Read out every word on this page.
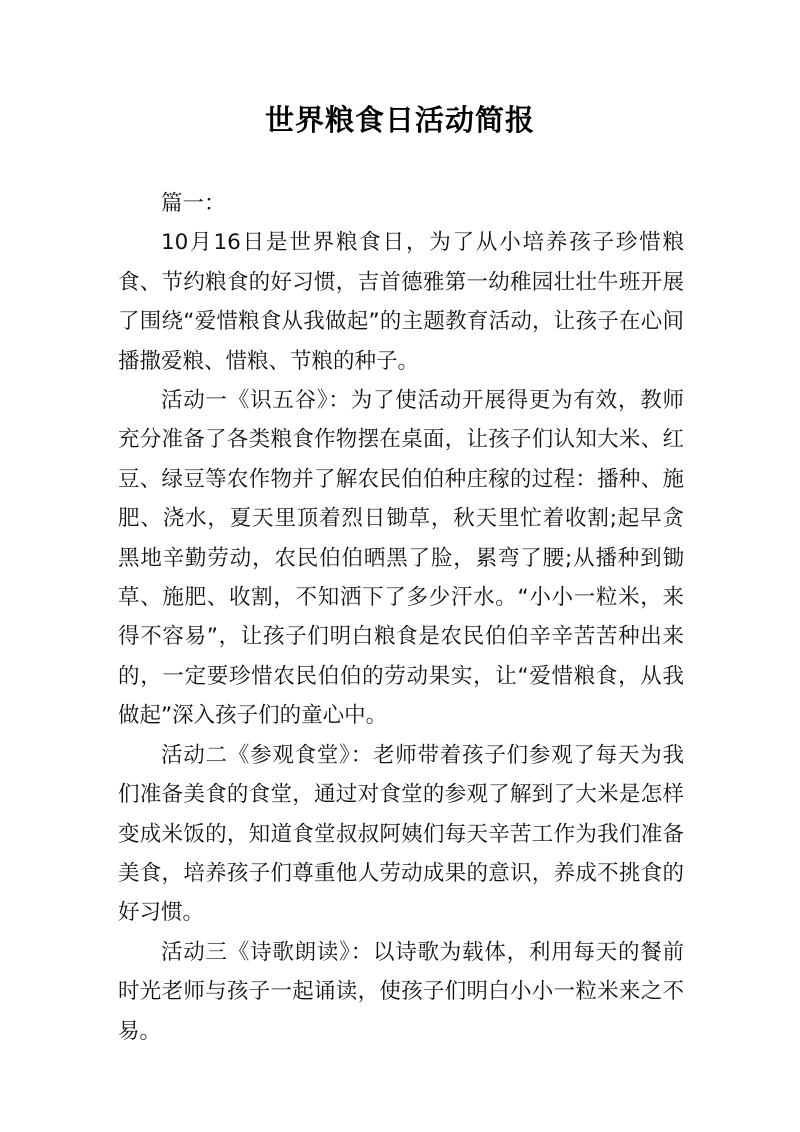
世界粮食日活动简报

篇一：

10月16日是世界粮食日，为了从小培养孩子珍惜粮食、节约粮食的好习惯，吉首德雅第一幼稚园壮壮牛班开展了围绕“爱惜粮食从我做起”的主题教育活动，让孩子在心间播撒爱粮、惜粮、节粮的种子。

活动一《识五谷》：为了使活动开展得更为有效，教师充分准备了各类粮食作物摆在桌面，让孩子们认知大米、红豆、绿豆等农作物并了解农民伯伯种庄稼的过程：播种、施肥、浇水，夏天里顶着烈日锄草，秋天里忙着收割;起早贪黑地辛勤劳动，农民伯伯晒黑了脸，累弯了腰;从播种到锄草、施肥、收割，不知洒下了多少汗水。“小小一粒米，来得不容易”，让孩子们明白粮食是农民伯伯辛辛苦苦种出来的，一定要珍惜农民伯伯的劳动果实，让“爱惜粮食，从我做起”深入孩子们的童心中。

活动二《参观食堂》：老师带着孩子们参观了每天为我们准备美食的食堂，通过对食堂的参观了解到了大米是怎样变成米饭的，知道食堂叔叔阿姨们每天辛苦工作为我们准备美食，培养孩子们尊重他人劳动成果的意识，养成不挑食的好习惯。

活动三《诗歌朗读》：以诗歌为载体，利用每天的餐前时光老师与孩子一起诵读，使孩子们明白小小一粒米来之不易。
